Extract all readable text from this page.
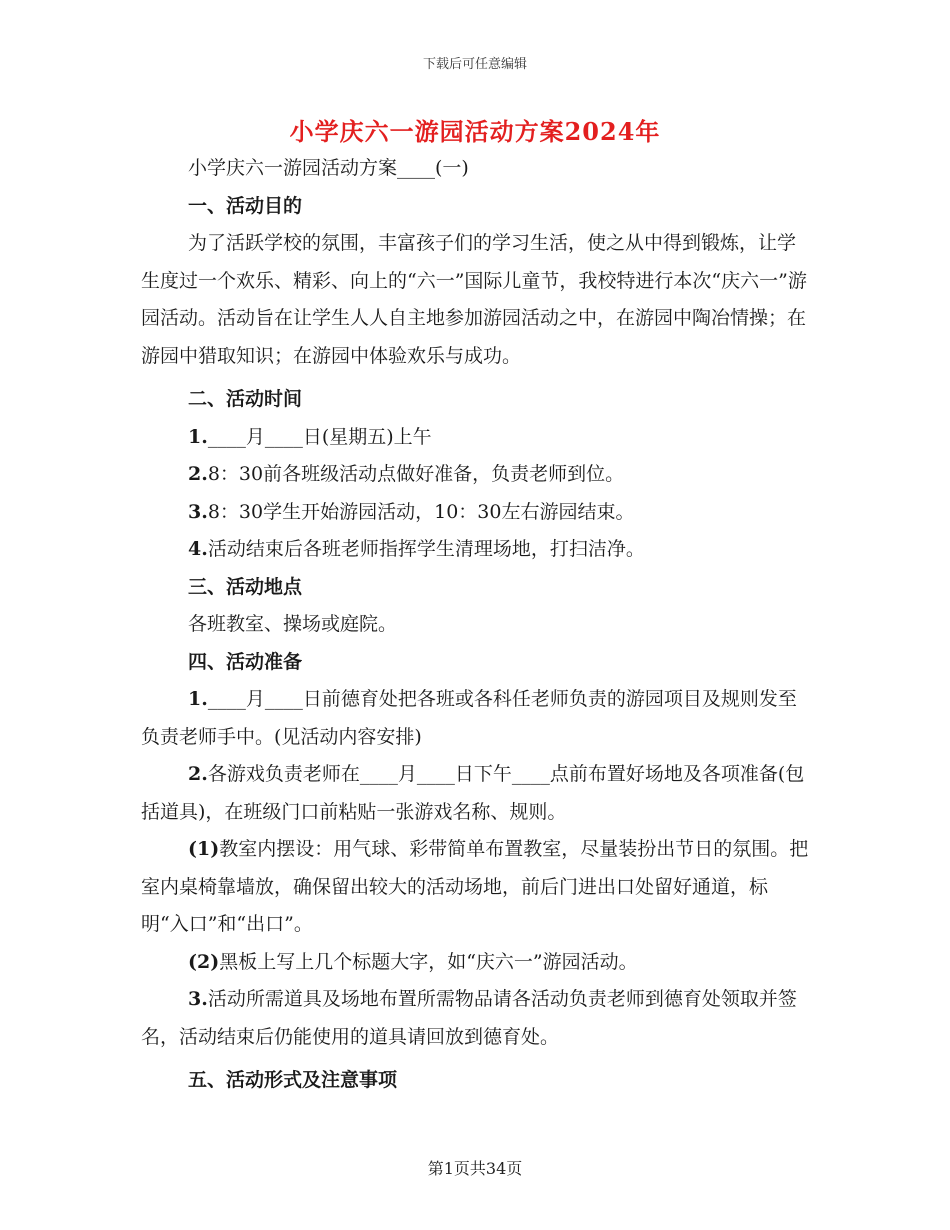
下载后可任意编辑
小学庆六一游园活动方案2024年

小学庆六一游园活动方案____(一)

一、活动目的

为了活跃学校的氛围，丰富孩子们的学习生活，使之从中得到锻炼，让学生度过一个欢乐、精彩、向上的“六一”国际儿童节，我校特进行本次“庆六一”游园活动。活动旨在让学生人人自主地参加游园活动之中，在游园中陶冶情操；在游园中猎取知识；在游园中体验欢乐与成功。

二、活动时间

1.____月____日(星期五)上午

2.8：30前各班级活动点做好准备，负责老师到位。

3.8：30学生开始游园活动，10：30左右游园结束。

4.活动结束后各班老师指挥学生清理场地，打扫洁净。

三、活动地点

各班教室、操场或庭院。

四、活动准备

1.____月____日前德育处把各班或各科任老师负责的游园项目及规则发至负责老师手中。(见活动内容安排)

2.各游戏负责老师在____月____日下午____点前布置好场地及各项准备(包括道具)，在班级门口前粘贴一张游戏名称、规则。

(1)教室内摆设：用气球、彩带简单布置教室，尽量装扮出节日的氛围。把室内桌椅靠墙放，确保留出较大的活动场地，前后门进出口处留好通道，标明“入口”和“出口”。

(2)黑板上写上几个标题大字，如“庆六一”游园活动。

3.活动所需道具及场地布置所需物品请各活动负责老师到德育处领取并签名，活动结束后仍能使用的道具请回放到德育处。

五、活动形式及注意事项

第1页共34页
